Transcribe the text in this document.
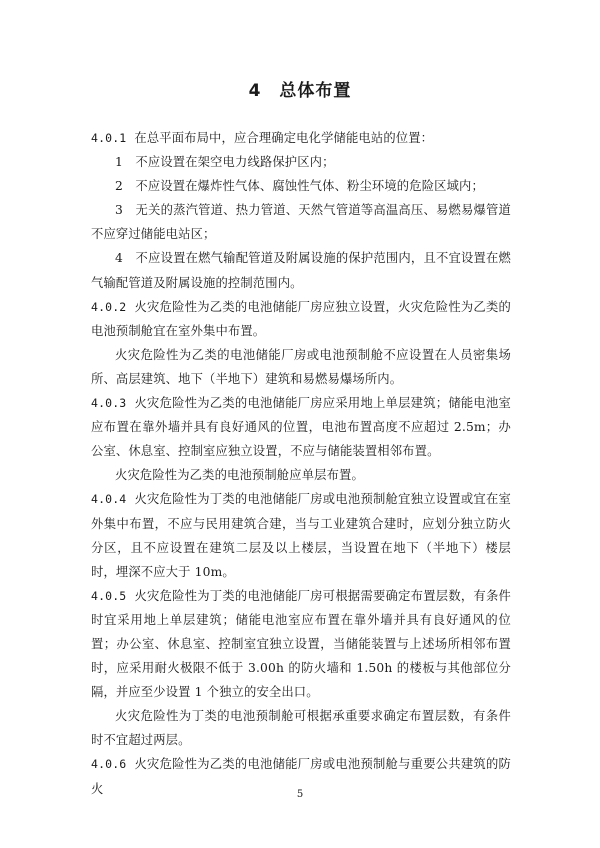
4　总体布置

4.0.1 在总平面布局中，应合理确定电化学储能电站的位置：

1　不应设置在架空电力线路保护区内；

2　不应设置在爆炸性气体、腐蚀性气体、粉尘环境的危险区域内；

3　无关的蒸汽管道、热力管道、天然气管道等高温高压、易燃易爆管道不应穿过储能电站区；

4　不应设置在燃气输配管道及附属设施的保护范围内，且不宜设置在燃气输配管道及附属设施的控制范围内。

4.0.2 火灾危险性为乙类的电池储能厂房应独立设置，火灾危险性为乙类的电池预制舱宜在室外集中布置。

火灾危险性为乙类的电池储能厂房或电池预制舱不应设置在人员密集场所、高层建筑、地下（半地下）建筑和易燃易爆场所内。

4.0.3 火灾危险性为乙类的电池储能厂房应采用地上单层建筑；储能电池室应布置在靠外墙并具有良好通风的位置，电池布置高度不应超过 2.5m；办公室、休息室、控制室应独立设置，不应与储能装置相邻布置。

火灾危险性为乙类的电池预制舱应单层布置。

4.0.4 火灾危险性为丁类的电池储能厂房或电池预制舱宜独立设置或宜在室外集中布置，不应与民用建筑合建，当与工业建筑合建时，应划分独立防火分区，且不应设置在建筑二层及以上楼层，当设置在地下（半地下）楼层时，埋深不应大于 10m。

4.0.5 火灾危险性为丁类的电池储能厂房可根据需要确定布置层数，有条件时宜采用地上单层建筑；储能电池室应布置在靠外墙并具有良好通风的位置；办公室、休息室、控制室宜独立设置，当储能装置与上述场所相邻布置时，应采用耐火极限不低于 3.00h 的防火墙和 1.50h 的楼板与其他部位分隔，并应至少设置 1 个独立的安全出口。

火灾危险性为丁类的电池预制舱可根据承重要求确定布置层数，有条件时不宜超过两层。

4.0.6 火灾危险性为乙类的电池储能厂房或电池预制舱与重要公共建筑的防火	5
